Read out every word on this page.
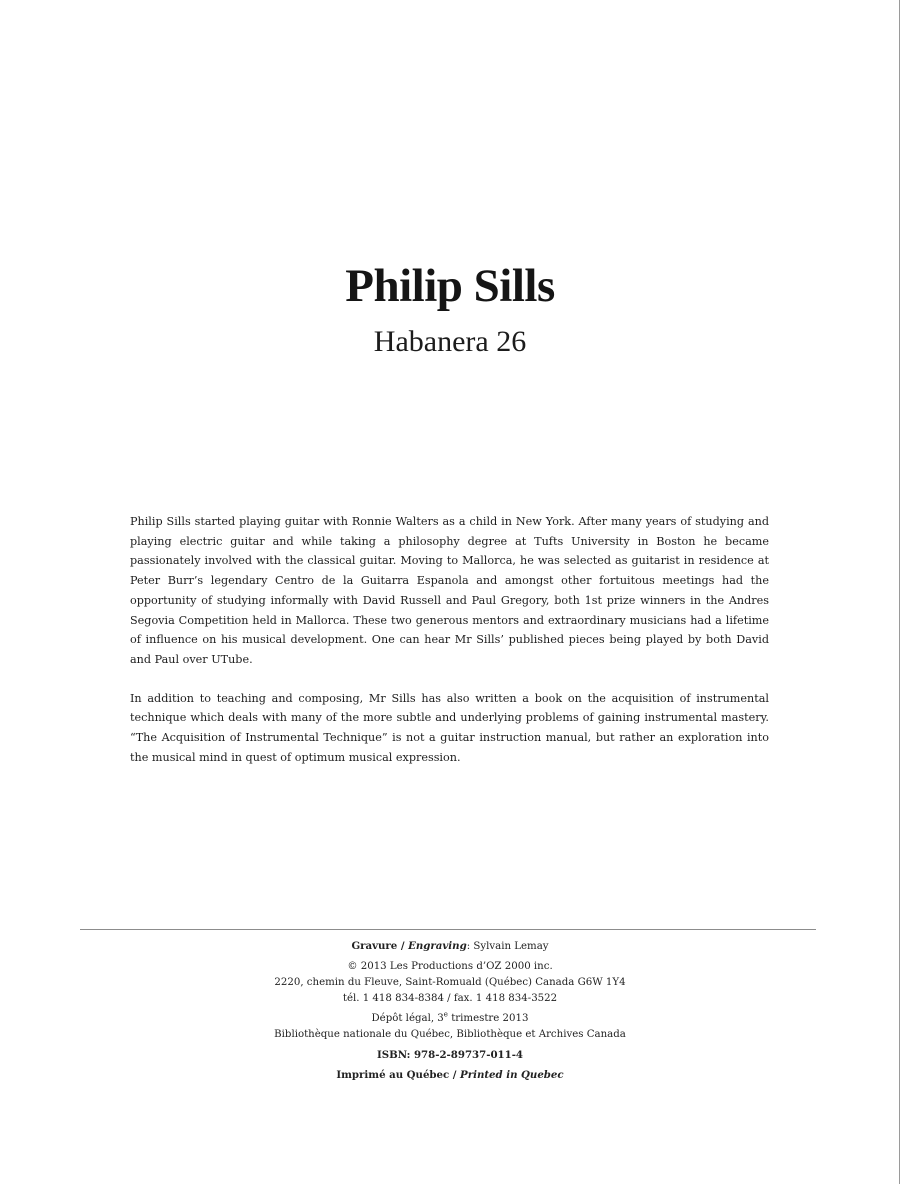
Philip Sills
Habanera 26

Philip Sills started playing guitar with Ronnie Walters as a child in New York. After many years of studying and playing electric guitar and while taking a philosophy degree at Tufts University in Boston he became passionately involved with the classical guitar. Moving to Mallorca, he was selected as guitarist in residence at Peter Burr’s legendary Centro de la Guitarra Espanola and amongst other fortuitous meetings had the opportunity of studying informally with David Russell and Paul Gregory, both 1st prize winners in the Andres Segovia Competition held in Mallorca. These two generous mentors and extraordinary musicians had a lifetime of influence on his musical development. One can hear Mr Sills’ published pieces being played by both David and Paul over UTube.

In addition to teaching and composing, Mr Sills has also written a book on the acquisition of instrumental technique which deals with many of the more subtle and underlying problems of gaining instrumental mastery. “The Acquisition of Instrumental Technique” is not a guitar instruction manual, but rather an exploration into the musical mind in quest of optimum musical expression.

Gravure / Engraving: Sylvain Lemay
© 2013 Les Productions d’OZ 2000 inc.
2220, chemin du Fleuve, Saint-Romuald (Québec) Canada G6W 1Y4
tél. 1 418 834-8384 / fax. 1 418 834-3522
Dépôt légal, 3e trimestre 2013
Bibliothèque nationale du Québec, Bibliothèque et Archives Canada
ISBN: 978-2-89737-011-4
Imprimé au Québec / Printed in Quebec
